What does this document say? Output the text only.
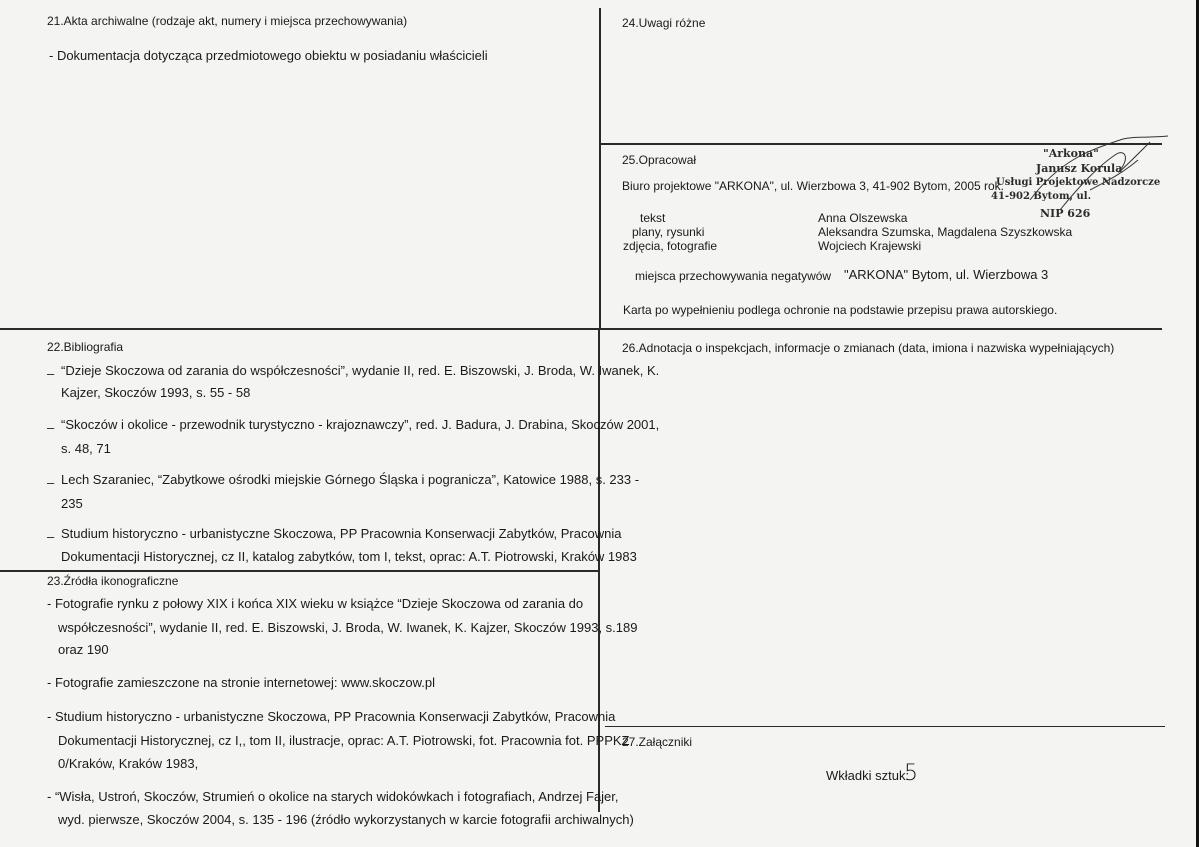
21.Akta archiwalne (rodzaje akt, numery i miejsca przechowywania)
- Dokumentacja dotycząca przedmiotowego obiektu w posiadaniu właścicieli
24.Uwagi różne
25.Opracował
Biuro projektowe "ARKONA", ul. Wierzbowa 3, 41-902 Bytom, 2005 rok.
tekst	Anna Olszewska
plany, rysunki	Aleksandra Szumska, Magdalena Szyszkowska
zdjęcia, fotografie	Wojciech Krajewski
miejsca przechowywania negatywów "ARKONA" Bytom, ul. Wierzbowa 3
Karta po wypełnieniu podlega ochronie na podstawie przepisu prawa autorskiego.
"Arkona"
Janusz Korula
Usługi Projektowe Nadzorcze
41-902 Bytom, ul.
NIP 626
22.Bibliografia
– “Dzieje Skoczowa od zarania do współczesności”, wydanie II, red. E. Biszowski, J. Broda, W. Iwanek, K.
Kajzer, Skoczów 1993, s. 55 - 58
– “Skoczów i okolice - przewodnik turystyczno - krajoznawczy”, red. J. Badura, J. Drabina, Skoczów 2001,
s. 48, 71
– Lech Szaraniec, “Zabytkowe ośrodki miejskie Górnego Śląska i pogranicza”, Katowice 1988, s. 233 -
235
– Studium historyczno - urbanistyczne Skoczowa, PP Pracownia Konserwacji Zabytków, Pracownia
Dokumentacji Historycznej, cz II, katalog zabytków, tom I, tekst, oprac: A.T. Piotrowski, Kraków 1983
23.Źródła ikonograficzne
- Fotografie rynku z połowy XIX i końca XIX wieku w książce “Dzieje Skoczowa od zarania do
współczesności”, wydanie II, red. E. Biszowski, J. Broda, W. Iwanek, K. Kajzer, Skoczów 1993, s.189
oraz 190
- Fotografie zamieszczone na stronie internetowej: www.skoczow.pl
- Studium historyczno - urbanistyczne Skoczowa, PP Pracownia Konserwacji Zabytków, Pracownia
Dokumentacji Historycznej, cz I,, tom II, ilustracje, oprac: A.T. Piotrowski, fot. Pracownia fot. PPPKZ
0/Kraków, Kraków 1983,
- “Wisła, Ustroń, Skoczów, Strumień o okolice na starych widokówkach i fotografiach, Andrzej Fajer,
wyd. pierwsze, Skoczów 2004, s. 135 - 196 (źródło wykorzystanych w karcie fotografii archiwalnych)
26.Adnotacja o inspekcjach, informacje o zmianach (data, imiona i nazwiska wypełniających)
27.Załączniki
Wkładki sztuk:
5
